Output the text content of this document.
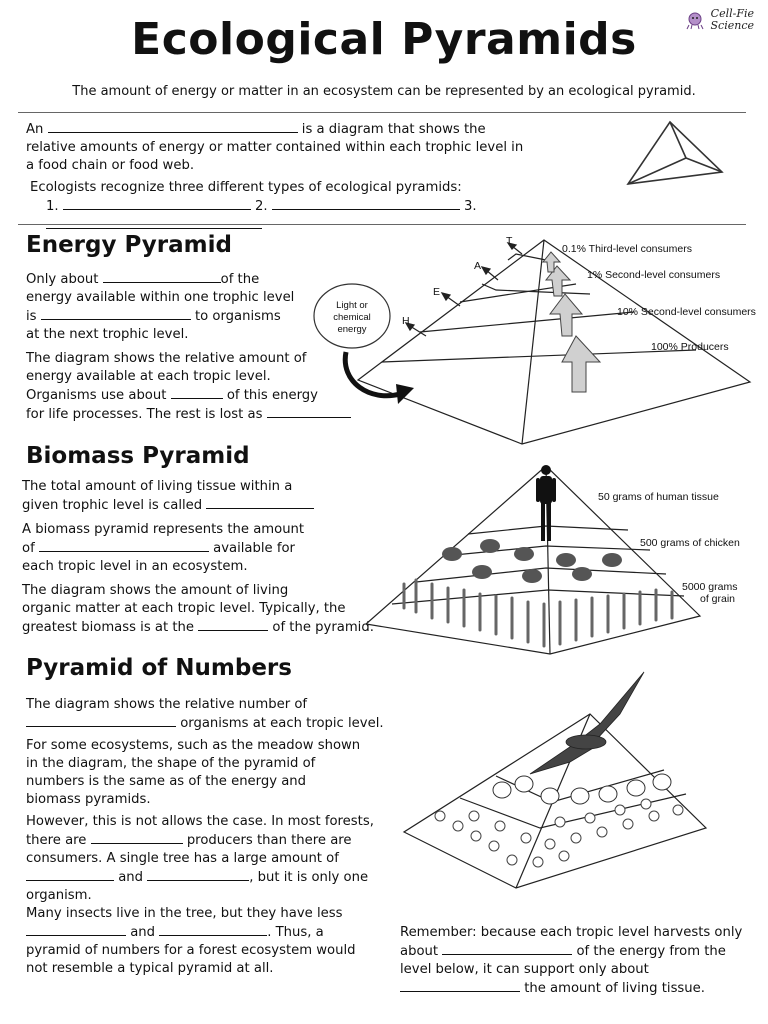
Ecological Pyramids
Cell-Fie
Science
The amount of energy or matter in an ecosystem can be represented by an ecological pyramid.

An	is a diagram that shows the

relative amounts of energy or matter contained within each trophic level in

a food chain or food web.

Ecologists recognize three different types of ecological pyramids:

1.	2.	3.

Energy Pyramid

Only about	of the

energy available within one trophic level

is	to organisms

at the next trophic level.

The diagram shows the relative amount of

energy available at each tropic level.

Organisms use about	of this energy

for life processes. The rest is lost as

T
A
E
H
0.1% Third-level consumers
1% Second-level consumers
10% Second-level consumers
100% Producers
Light or
chemical
energy
Biomass Pyramid

The total amount of living tissue within a

given trophic level is called

A biomass pyramid represents the amount

of	available for

each tropic level in an ecosystem.

The diagram shows the amount of living

organic matter at each tropic level. Typically, the

greatest biomass is at the	of the pyramid.

50 grams of human tissue
500 grams of chicken
5000 grams
of grain
Pyramid of Numbers

The diagram shows the relative number of

organisms at each tropic level.

For some ecosystems, such as the meadow shown

in the diagram, the shape of the pyramid of

numbers is the same as of the energy and

biomass pyramids.

However, this is not allows the case. In most forests,

there are	producers than there are

consumers. A single tree has a large amount of

and	, but it is only one

organism.

Many insects live in the tree, but they have less

and	. Thus, a

pyramid of numbers for a forest ecosystem would

not resemble a typical pyramid at all.

Remember: because each tropic level harvests only

about	of the energy from the

level below, it can support only about

the amount of living tissue.
